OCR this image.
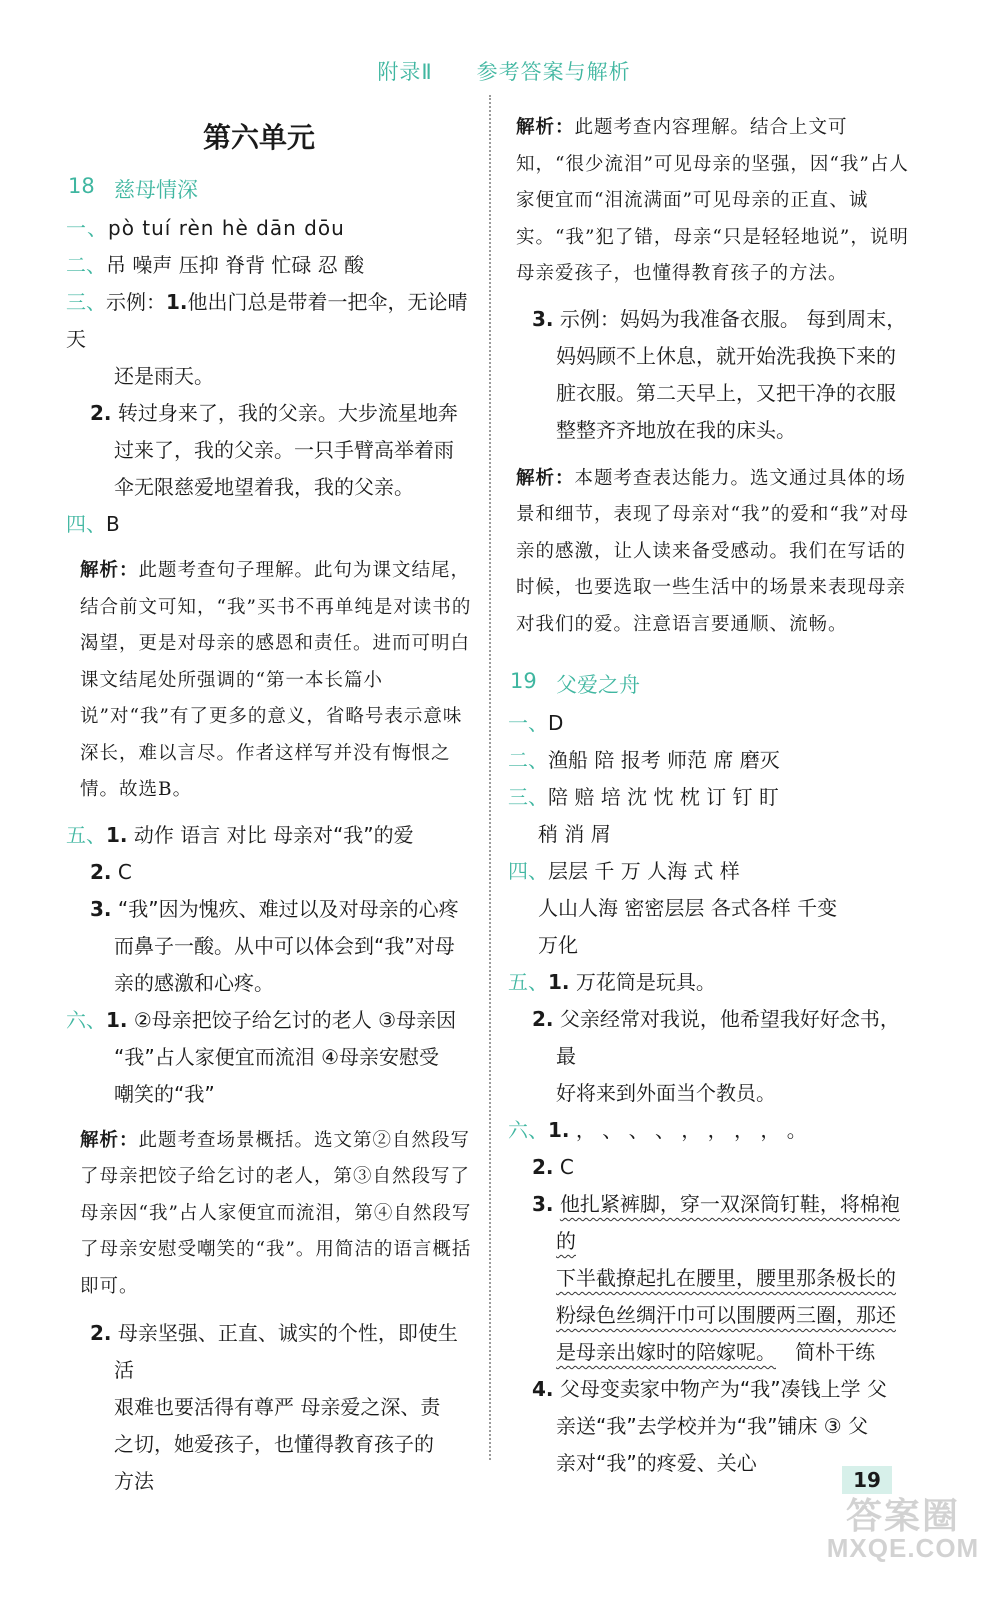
附录Ⅱ 参考答案与解析
第六单元
18 慈母情深
一、pò tuí rèn hè dān dōu
二、吊 噪声 压抑 脊背 忙碌 忍 酸
三、示例：1.他出门总是带着一把伞，无论晴天
还是雨天。
2. 转过身来了，我的父亲。大步流星地奔
过来了，我的父亲。一只手臂高举着雨
伞无限慈爱地望着我，我的父亲。
四、B
解析：此题考查句子理解。此句为课文结尾，结合前文可知，“我”买书不再单纯是对读书的渴望，更是对母亲的感恩和责任。进而可明白课文结尾处所强调的“第一本长篇小说”对“我”有了更多的意义，省略号表示意味深长，难以言尽。作者这样写并没有悔恨之情。故选B。
五、1. 动作 语言 对比 母亲对“我”的爱
2. C
3. “我”因为愧疚、难过以及对母亲的心疼
而鼻子一酸。从中可以体会到“我”对母
亲的感激和心疼。
六、1. ②母亲把饺子给乞讨的老人 ③母亲因
“我”占人家便宜而流泪 ④母亲安慰受
嘲笑的“我”
解析：此题考查场景概括。选文第②自然段写了母亲把饺子给乞讨的老人，第③自然段写了母亲因“我”占人家便宜而流泪，第④自然段写了母亲安慰受嘲笑的“我”。用简洁的语言概括即可。
2. 母亲坚强、正直、诚实的个性，即使生活
艰难也要活得有尊严 母亲爱之深、责
之切，她爱孩子，也懂得教育孩子的
方法
解析：此题考查内容理解。结合上文可知，“很少流泪”可见母亲的坚强，因“我”占人家便宜而“泪流满面”可见母亲的正直、诚实。“我”犯了错，母亲“只是轻轻地说”，说明母亲爱孩子，也懂得教育孩子的方法。
3. 示例：妈妈为我准备衣服。 每到周末，
妈妈顾不上休息，就开始洗我换下来的
脏衣服。第二天早上，又把干净的衣服
整整齐齐地放在我的床头。
解析：本题考查表达能力。选文通过具体的场景和细节，表现了母亲对“我”的爱和“我”对母亲的感激，让人读来备受感动。我们在写话的时候，也要选取一些生活中的场景来表现母亲对我们的爱。注意语言要通顺、流畅。
19 父爱之舟
一、D
二、渔船 陪 报考 师范 席 磨灭
三、陪 赔 培 沈 忱 枕 订 钉 盯
稍 消 屑
四、层层 千 万 人海 式 样
人山人海 密密层层 各式各样 千变
万化
五、1. 万花筒是玩具。
2. 父亲经常对我说，他希望我好好念书，最
好将来到外面当个教员。
六、1. ， 、 、 、 ， ， ， ， 。
2. C
3. 他扎紧裤脚，穿一双深筒钉鞋，将棉袍的
下半截撩起扎在腰里，腰里那条极长的
粉绿色丝绸汗巾可以围腰两三圈，那还
是母亲出嫁时的陪嫁呢。 简朴干练
4. 父母变卖家中物产为“我”凑钱上学 父
亲送“我”去学校并为“我”铺床 ③ 父
亲对“我”的疼爱、关心
19
答案圈
MXQE.COM
